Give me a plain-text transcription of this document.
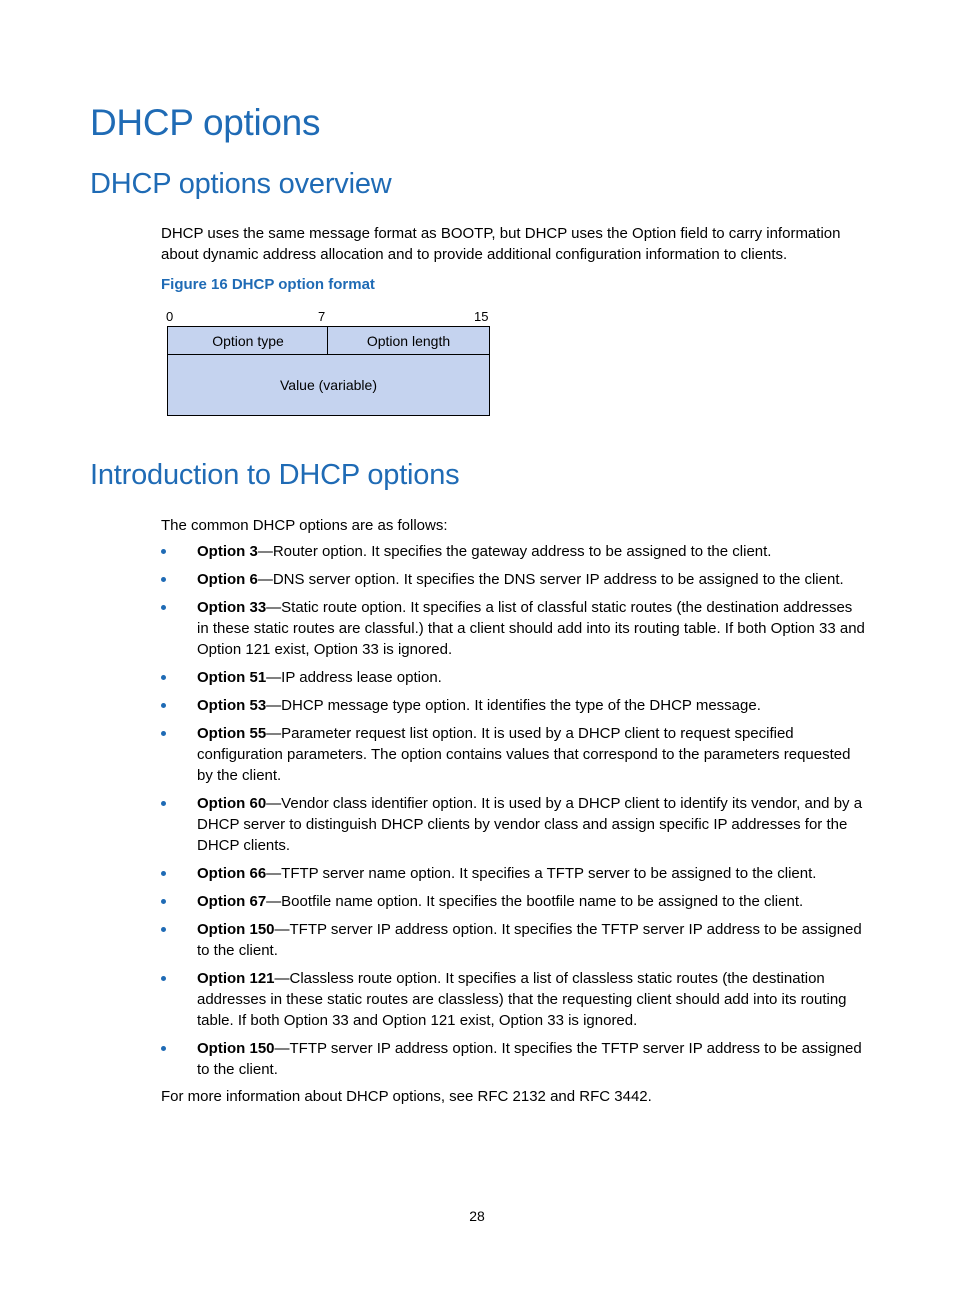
DHCP options
DHCP options overview

DHCP uses the same message format as BOOTP, but DHCP uses the Option field to carry information about dynamic address allocation and to provide additional configuration information to clients.

Figure 16 DHCP option format

0	7	15
Option type	Option length
Value (variable)
Introduction to DHCP options

The common DHCP options are as follows:

Option 3—Router option. It specifies the gateway address to be assigned to the client.
Option 6—DNS server option. It specifies the DNS server IP address to be assigned to the client.
Option 33—Static route option. It specifies a list of classful static routes (the destination addresses in these static routes are classful.) that a client should add into its routing table. If both Option 33 and Option 121 exist, Option 33 is ignored.
Option 51—IP address lease option.
Option 53—DHCP message type option. It identifies the type of the DHCP message.
Option 55—Parameter request list option. It is used by a DHCP client to request specified configuration parameters. The option contains values that correspond to the parameters requested by the client.
Option 60—Vendor class identifier option. It is used by a DHCP client to identify its vendor, and by a DHCP server to distinguish DHCP clients by vendor class and assign specific IP addresses for the DHCP clients.
Option 66—TFTP server name option. It specifies a TFTP server to be assigned to the client.
Option 67—Bootfile name option. It specifies the bootfile name to be assigned to the client.
Option 150—TFTP server IP address option. It specifies the TFTP server IP address to be assigned to the client.
Option 121—Classless route option. It specifies a list of classless static routes (the destination addresses in these static routes are classless) that the requesting client should add into its routing table. If both Option 33 and Option 121 exist, Option 33 is ignored.
Option 150—TFTP server IP address option. It specifies the TFTP server IP address to be assigned to the client.

For more information about DHCP options, see RFC 2132 and RFC 3442.

28
